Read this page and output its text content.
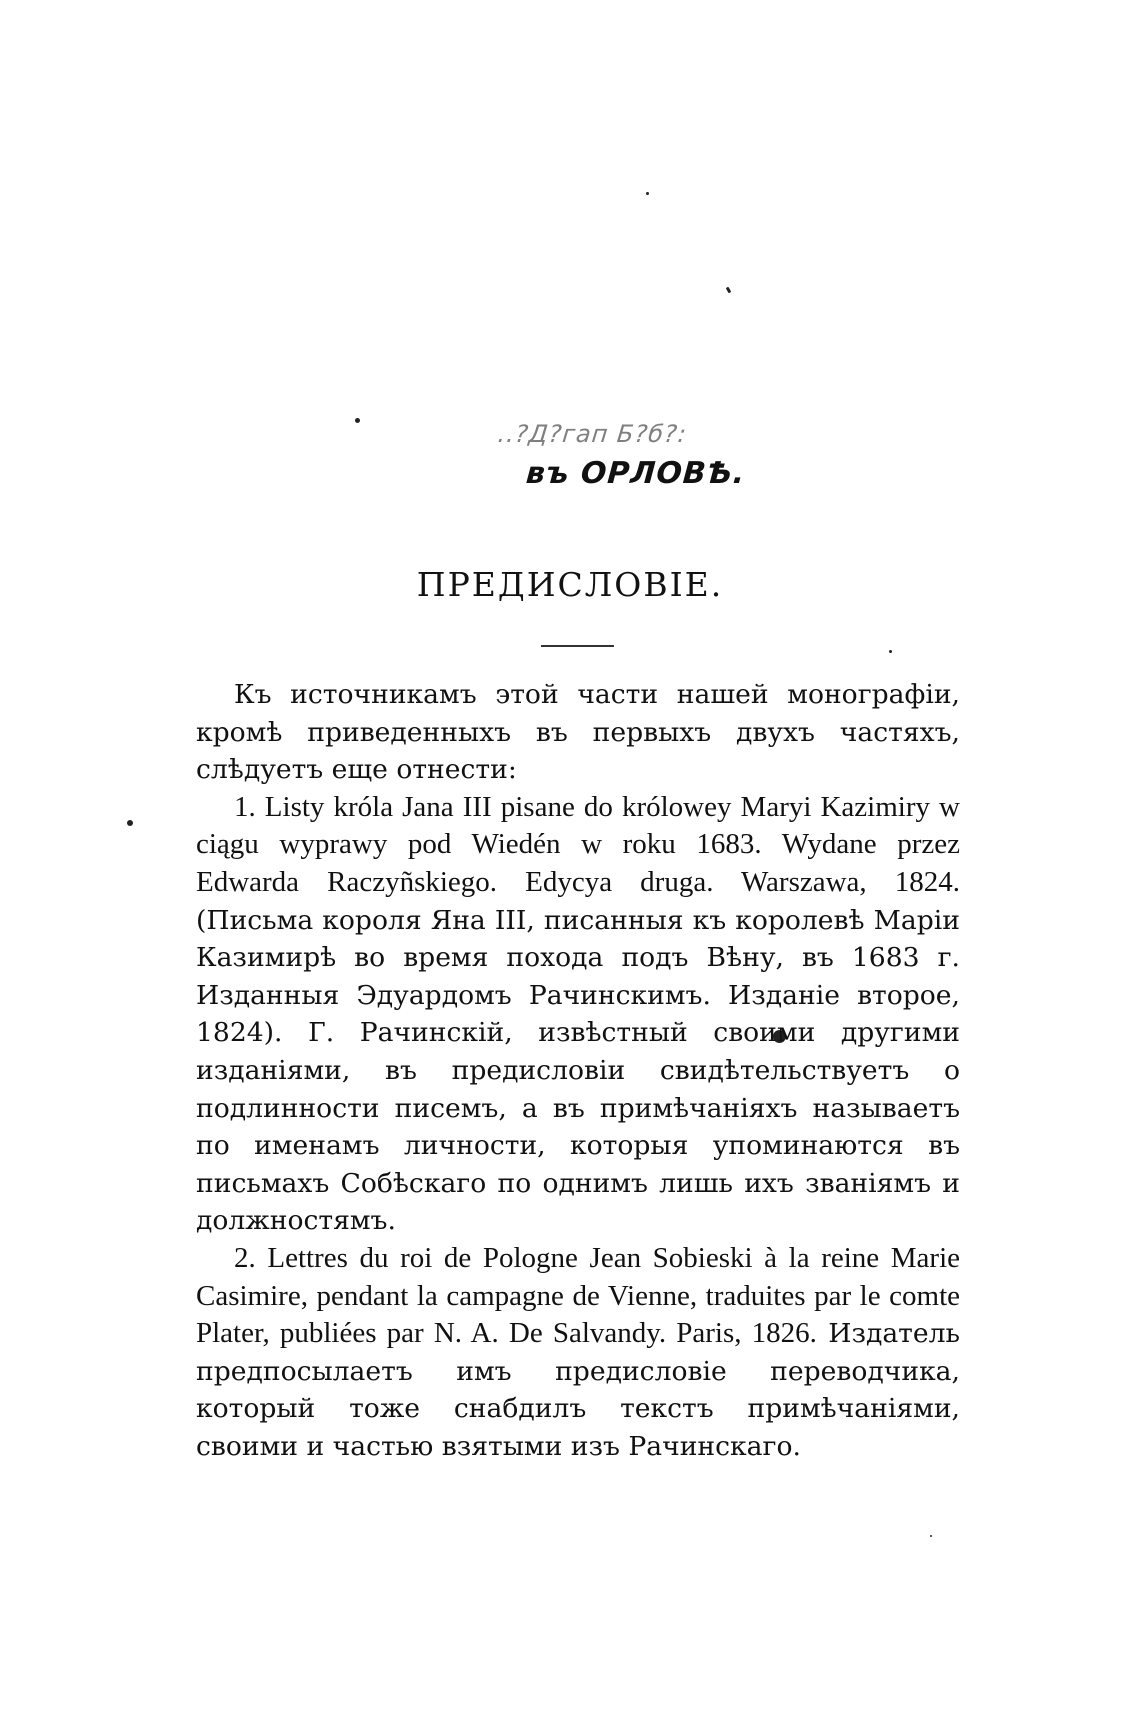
..?Д?гап Б?б?:
въ ОРЛОВѢ.
ПРЕДИСЛОВІЕ.

Къ источникамъ этой части нашей монографіи, кромѣ приведенныхъ въ первыхъ двухъ частяхъ, слѣдуетъ еще отнести:

1. Listy króla Jana III pisane do królowey Maryi Kazimiry w ciągu wyprawy pod Wiedén w roku 1683. Wydane przez Edwarda Raczyñskiego. Edycya druga. Warszawa, 1824. (Письма короля Яна III, писанныя къ королевѣ Маріи Казимирѣ во время похода подъ Вѣну, въ 1683 г. Изданныя Эдуардомъ Рачинскимъ. Изданіе второе, 1824). Г. Рачинскій, извѣстный своими другими изданіями, въ предисловіи свидѣтельствуетъ о подлинности писемъ, а въ примѣчаніяхъ называетъ по именамъ личности, которыя упоминаются въ письмахъ Собѣскаго по однимъ лишь ихъ званіямъ и должностямъ.

2. Lettres du roi de Pologne Jean Sobieski à la reine Marie Casimire, pendant la campagne de Vienne, traduites par le comte Plater, publiées par N. A. De Salvandy. Paris, 1826. Издатель предпосылаетъ имъ предисловіе переводчика, который тоже снабдилъ текстъ примѣчаніями, своими и частью взятыми изъ Рачинскаго.
